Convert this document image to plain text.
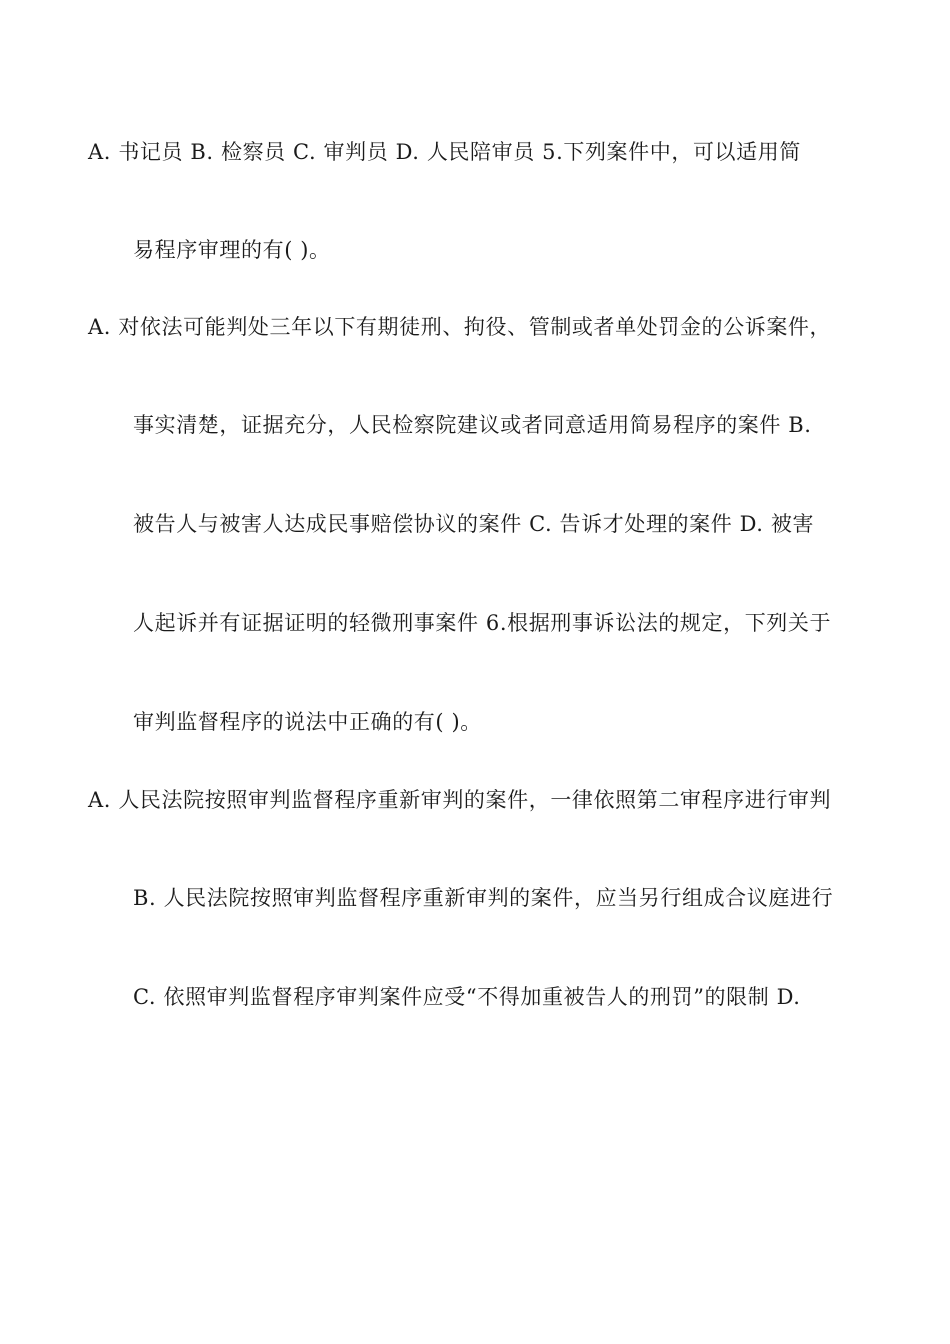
A. 书记员 B. 检察员 C. 审判员 D. 人民陪审员 5.下列案件中，可以适用简
易程序审理的有( )。
A. 对依法可能判处三年以下有期徒刑、拘役、管制或者单处罚金的公诉案件，
事实清楚，证据充分，人民检察院建议或者同意适用简易程序的案件 B.
被告人与被害人达成民事赔偿协议的案件 C. 告诉才处理的案件 D. 被害
人起诉并有证据证明的轻微刑事案件 6.根据刑事诉讼法的规定，下列关于
审判监督程序的说法中正确的有( )。
A. 人民法院按照审判监督程序重新审判的案件，一律依照第二审程序进行审判
B. 人民法院按照审判监督程序重新审判的案件，应当另行组成合议庭进行
C. 依照审判监督程序审判案件应受“不得加重被告人的刑罚”的限制 D.
